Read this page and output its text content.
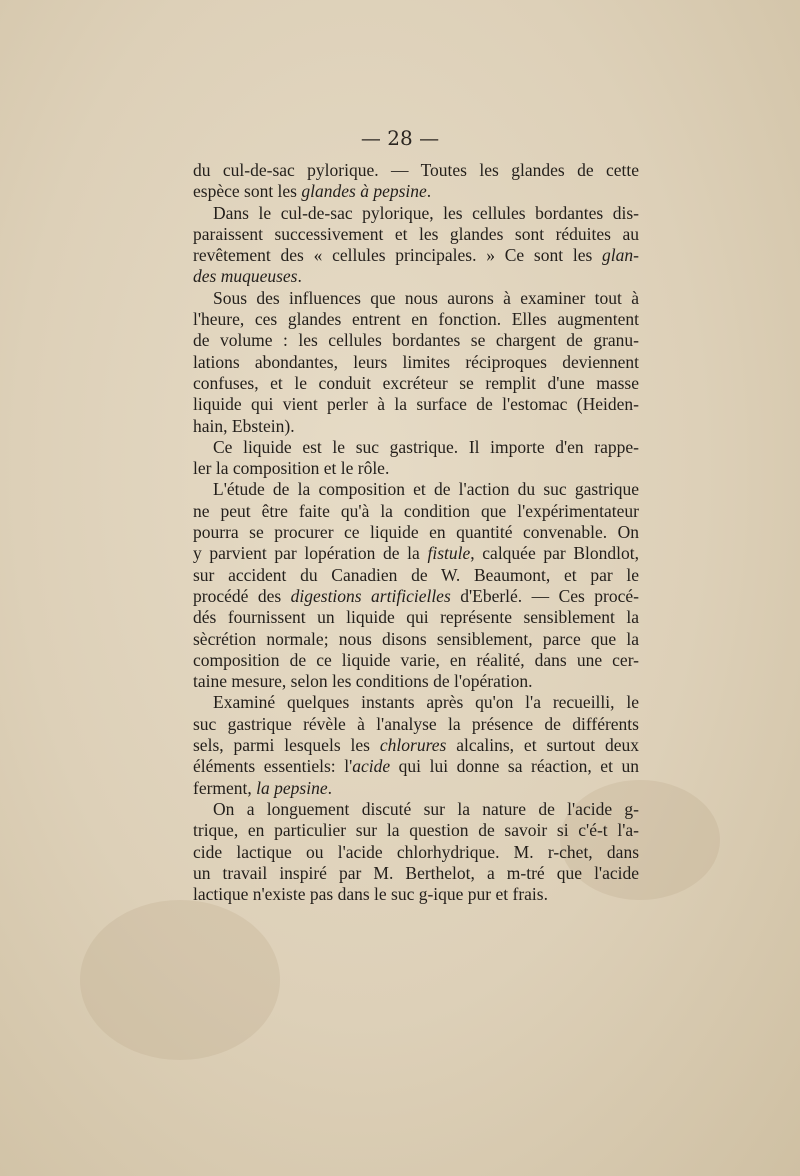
— 28 —
du cul-de-sac pylorique. — Toutes les glandes de cette
espèce sont les glandes à pepsine.
Dans le cul-de-sac pylorique, les cellules bordantes dis-
paraissent successivement et les glandes sont réduites au
revêtement des « cellules principales. » Ce sont les glan-
des muqueuses.
Sous des influences que nous aurons à examiner tout à
l'heure, ces glandes entrent en fonction. Elles augmentent
de volume : les cellules bordantes se chargent de granu-
lations abondantes, leurs limites réciproques deviennent
confuses, et le conduit excréteur se remplit d'une masse
liquide qui vient perler à la surface de l'estomac (Heiden-
hain, Ebstein).
Ce liquide est le suc gastrique. Il importe d'en rappe-
ler la composition et le rôle.
L'étude de la composition et de l'action du suc gastrique
ne peut être faite qu'à la condition que l'expérimentateur
pourra se procurer ce liquide en quantité convenable. On
y parvient par lopération de la fistule, calquée par Blondlot,
sur accident du Canadien de W. Beaumont, et par le
procédé des digestions artificielles d'Eberlé. — Ces procé-
dés fournissent un liquide qui représente sensiblement la
sècrétion normale; nous disons sensiblement, parce que la
composition de ce liquide varie, en réalité, dans une cer-
taine mesure, selon les conditions de l'opération.
Examiné quelques instants après qu'on l'a recueilli, le
suc gastrique révèle à l'analyse la présence de différents
sels, parmi lesquels les chlorures alcalins, et surtout deux
éléments essentiels: l'acide qui lui donne sa réaction, et un
ferment, la pepsine.
On a longuement discuté sur la nature de l'acide g-
trique, en particulier sur la question de savoir si c'é-t l'a-
cide lactique ou l'acide chlorhydrique. M. r-chet, dans
un travail inspiré par M. Berthelot, a m-tré que l'acide
lactique n'existe pas dans le suc g-ique pur et frais.
